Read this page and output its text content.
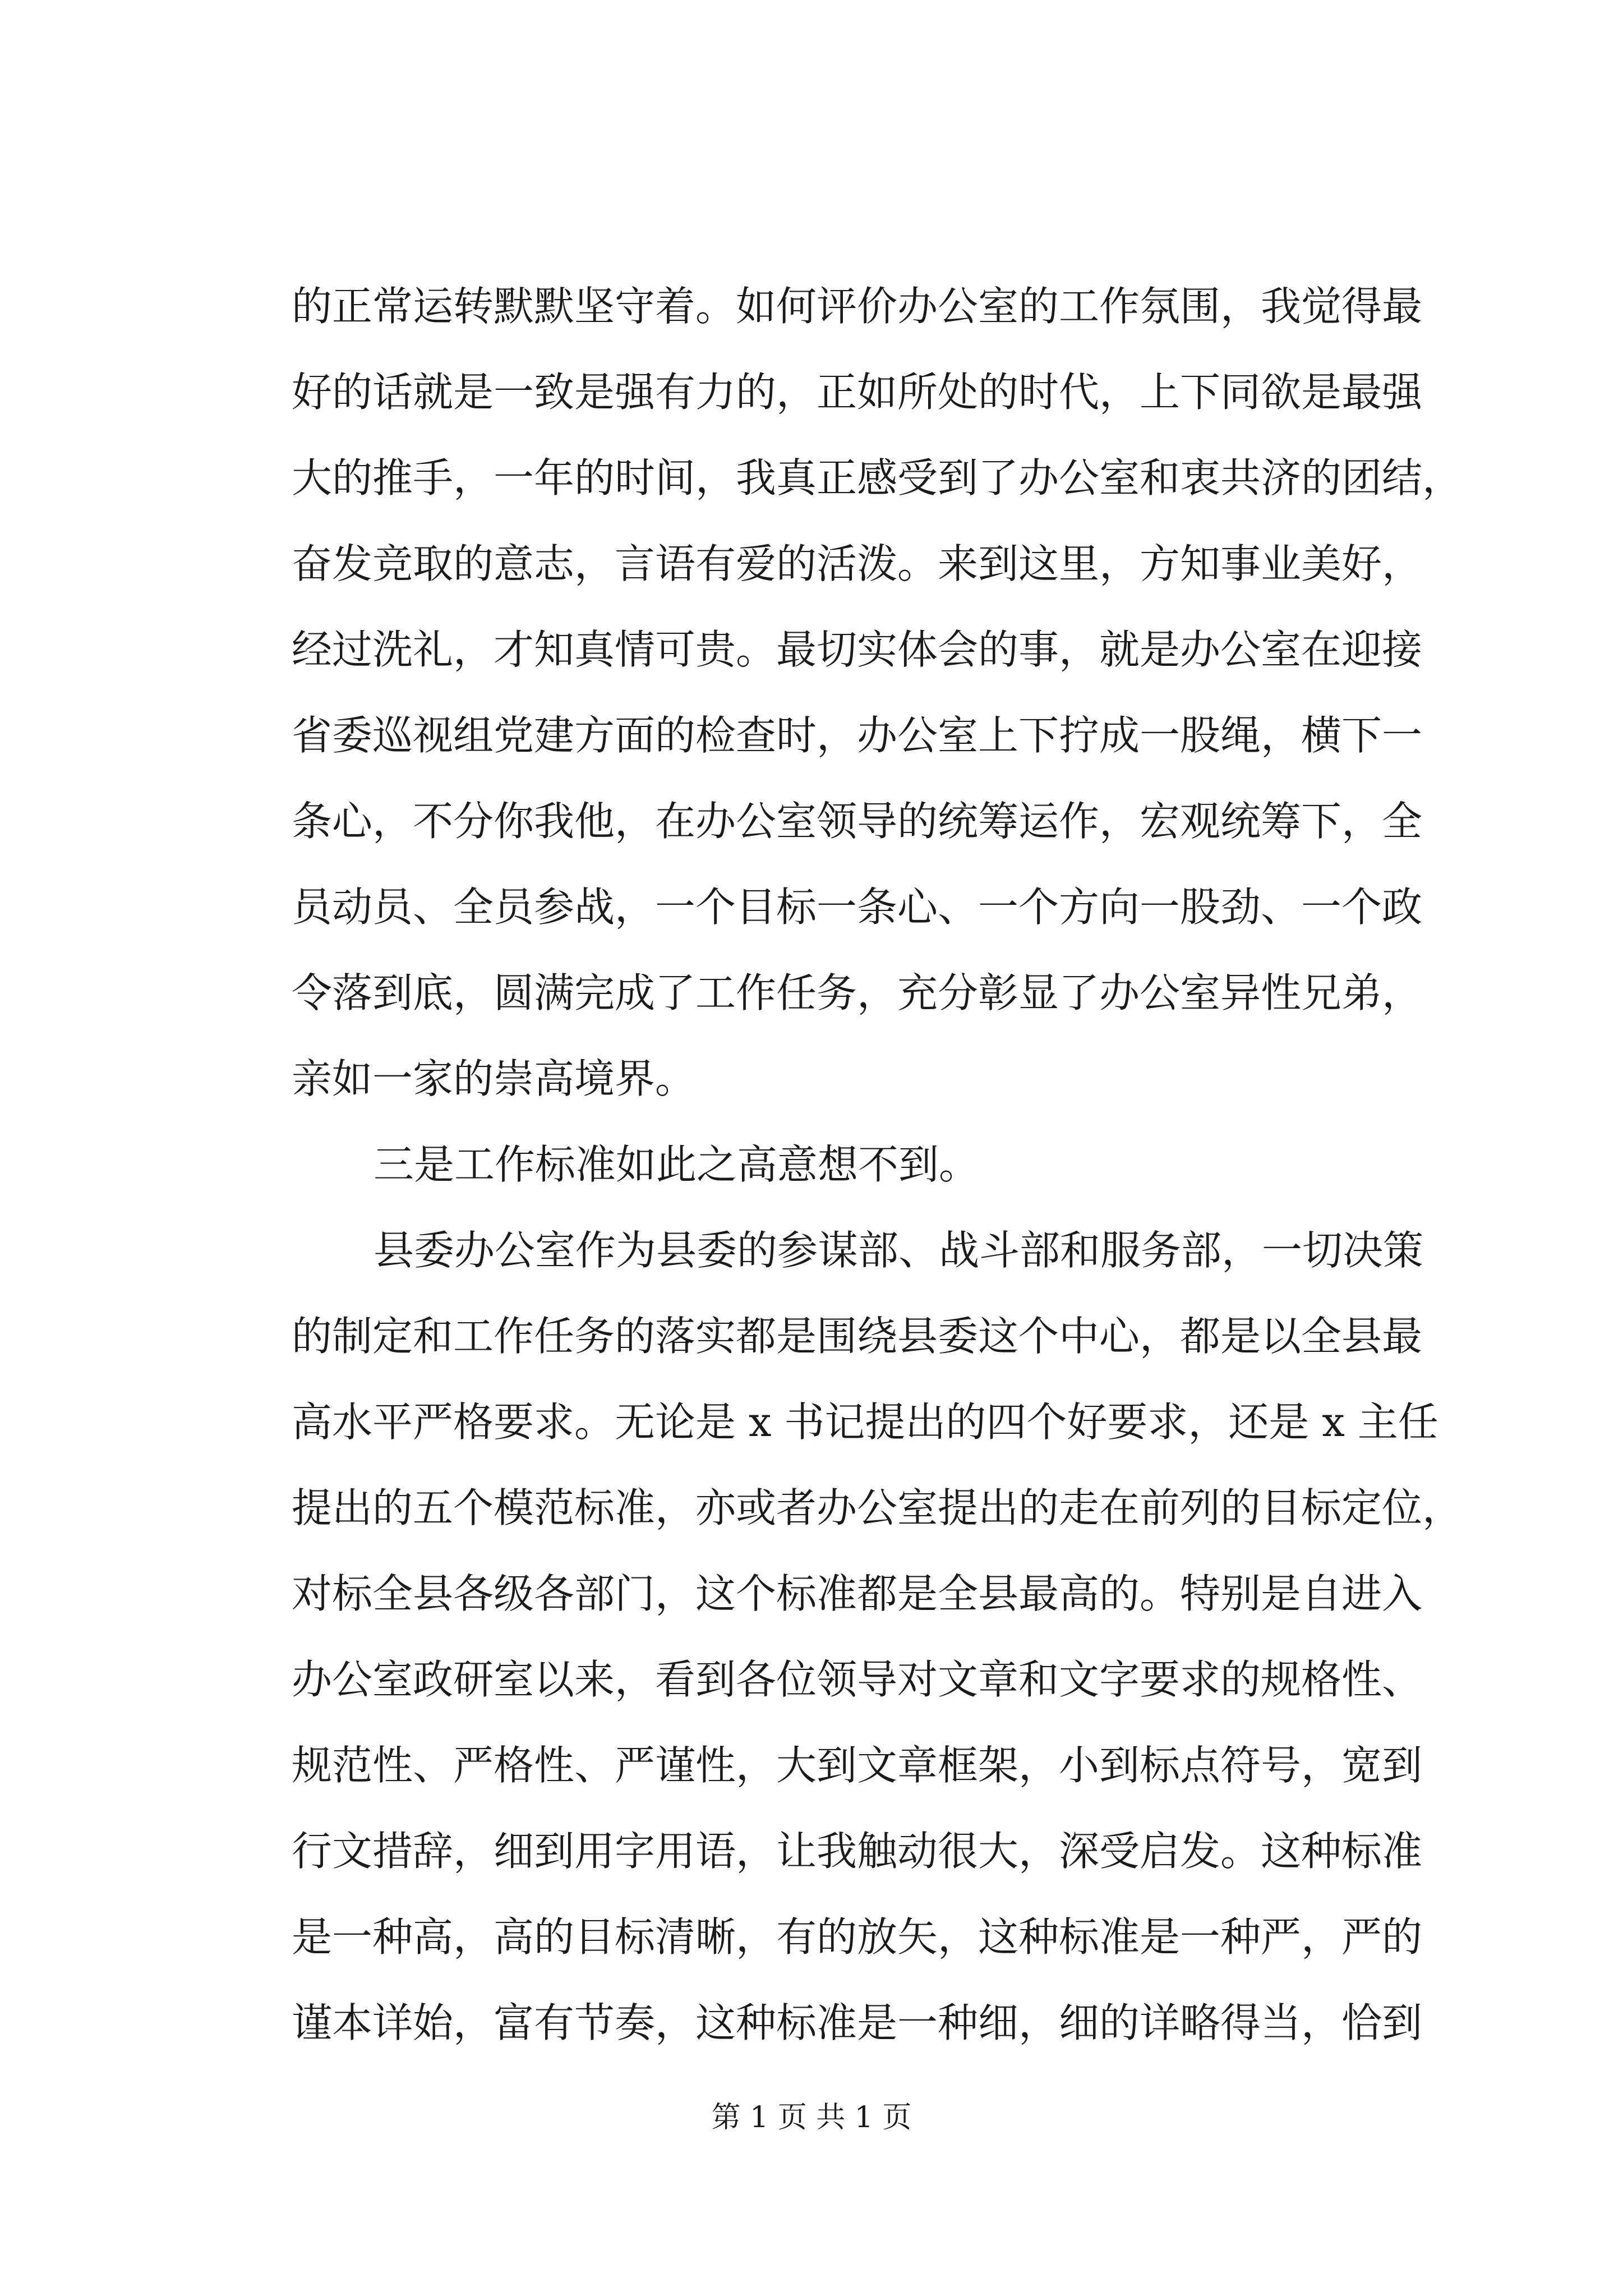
的正常运转默默坚守着。如何评价办公室的工作氛围，我觉得最
好的话就是一致是强有力的，正如所处的时代，上下同欲是最强
大的推手，一年的时间，我真正感受到了办公室和衷共济的团结，
奋发竞取的意志，言语有爱的活泼。来到这里，方知事业美好，
经过洗礼，才知真情可贵。最切实体会的事，就是办公室在迎接
省委巡视组党建方面的检查时，办公室上下拧成一股绳，横下一
条心，不分你我他，在办公室领导的统筹运作，宏观统筹下，全
员动员、全员参战，一个目标一条心、一个方向一股劲、一个政
令落到底，圆满完成了工作任务，充分彰显了办公室异性兄弟，
亲如一家的崇高境界。
三是工作标准如此之高意想不到。
县委办公室作为县委的参谋部、战斗部和服务部，一切决策
的制定和工作任务的落实都是围绕县委这个中心，都是以全县最
高水平严格要求。无论是 x 书记提出的四个好要求，还是 x 主任
提出的五个模范标准，亦或者办公室提出的走在前列的目标定位，
对标全县各级各部门，这个标准都是全县最高的。特别是自进入
办公室政研室以来，看到各位领导对文章和文字要求的规格性、
规范性、严格性、严谨性，大到文章框架，小到标点符号，宽到
行文措辞，细到用字用语，让我触动很大，深受启发。这种标准
是一种高，高的目标清晰，有的放矢，这种标准是一种严，严的
谨本详始，富有节奏，这种标准是一种细，细的详略得当，恰到
第 1 页 共 1 页
